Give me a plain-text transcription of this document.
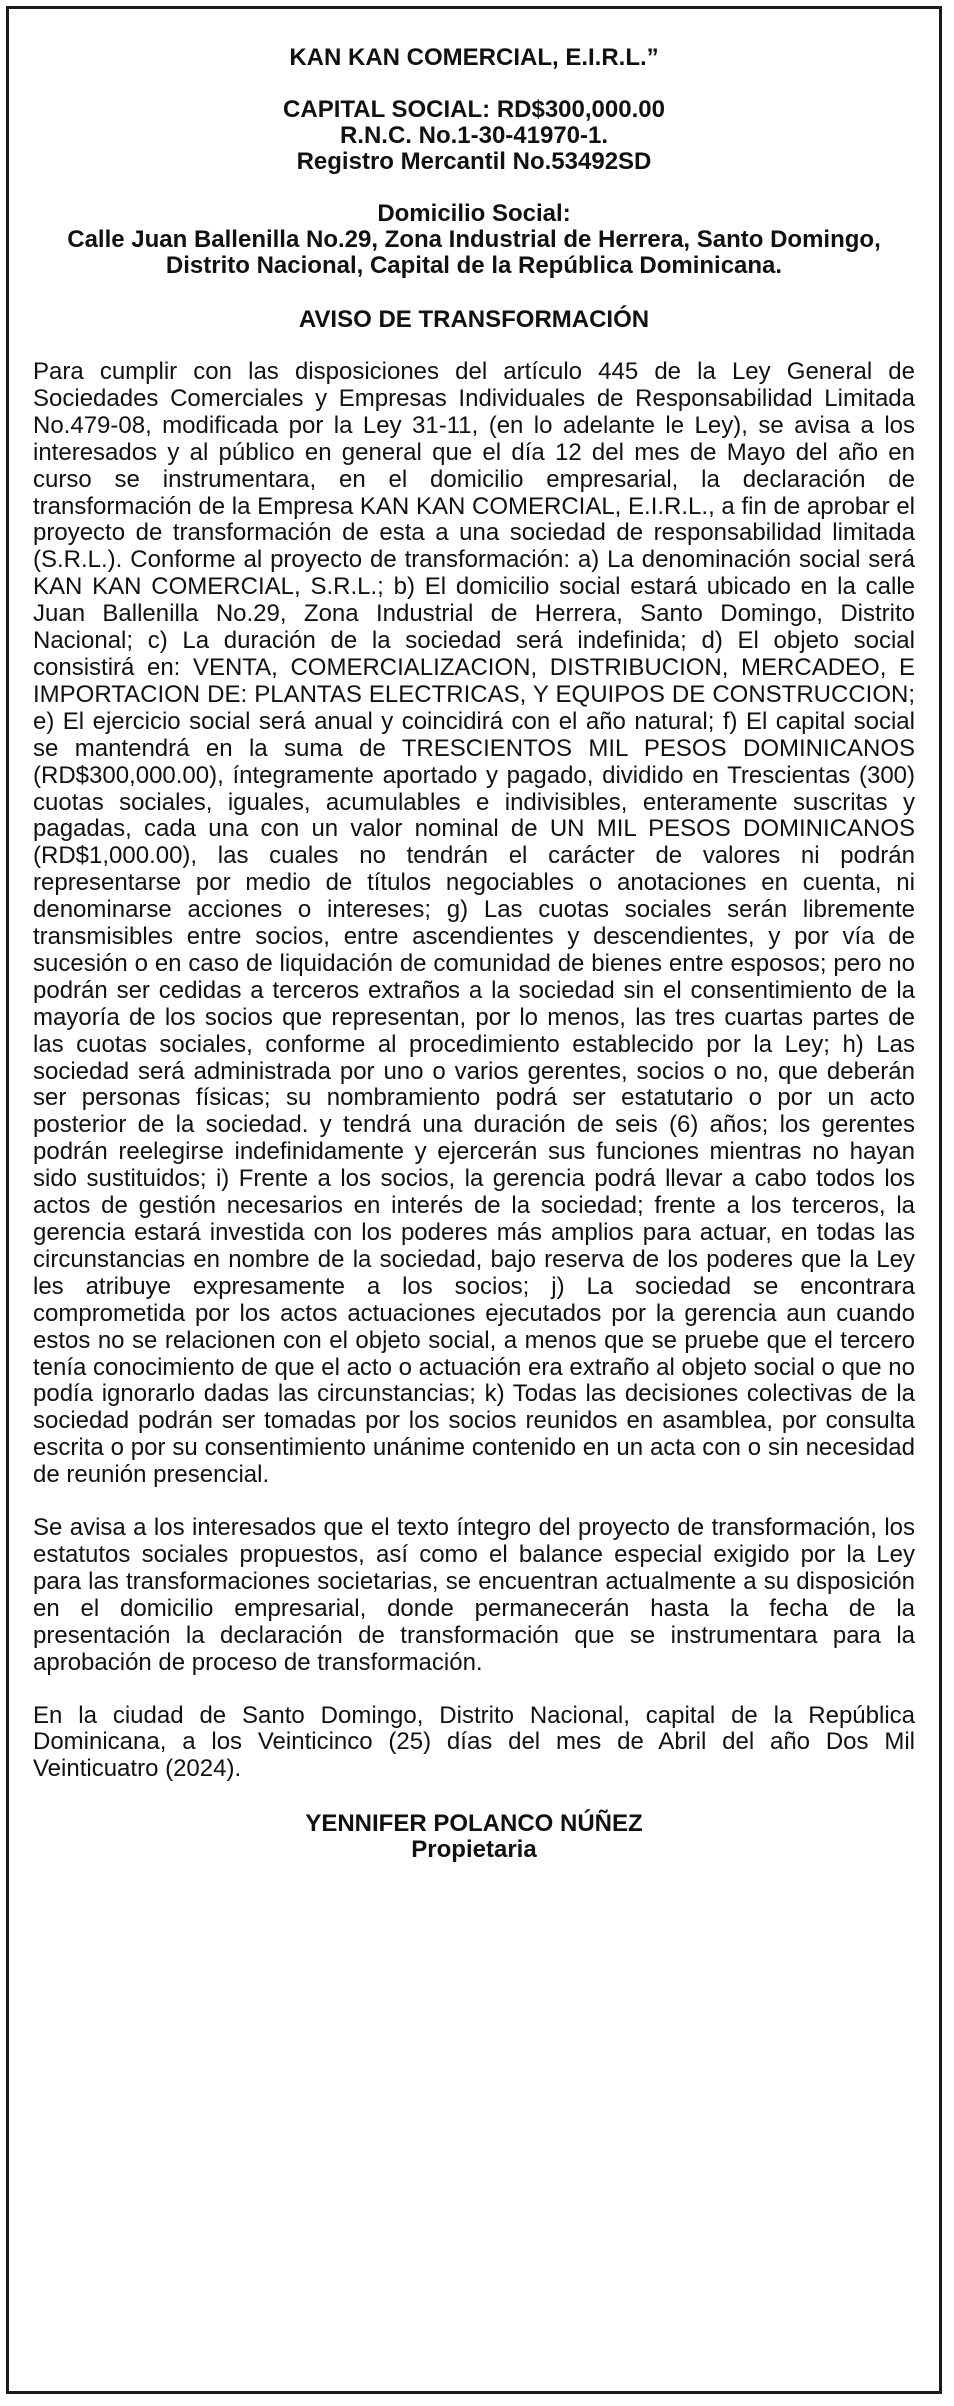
KAN KAN COMERCIAL, E.I.R.L.”

CAPITAL SOCIAL: RD$300,000.00

R.N.C. No.1-30-41970-1.

Registro Mercantil No.53492SD

Domicilio Social:

Calle Juan Ballenilla No.29, Zona Industrial de Herrera, Santo Domingo, Distrito Nacional, Capital de la República Dominicana.

AVISO DE TRANSFORMACIÓN

Para cumplir con las disposiciones del artículo 445 de la Ley General de Sociedades Comerciales y Empresas Individuales de Responsabilidad Limitada No.479-08, modificada por la Ley 31-11, (en lo adelante le Ley), se avisa a los interesados y al público en general que el día 12 del mes de Mayo del año en curso se instrumentara, en el domicilio empresarial, la declaración de transformación de la Empresa KAN KAN COMERCIAL, E.I.R.L., a fin de aprobar el proyecto de transformación de esta a una sociedad de responsabilidad limitada (S.R.L.). Conforme al proyecto de transformación: a) La denominación social será KAN KAN COMERCIAL, S.R.L.; b) El domicilio social estará ubicado en la calle Juan Ballenilla No.29, Zona Industrial de Herrera, Santo Domingo, Distrito Nacional; c) La duración de la sociedad será indefinida; d) El objeto social consistirá en: VENTA, COMERCIALIZACION, DISTRIBUCION, MERCADEO, E IMPORTACION DE: PLANTAS ELECTRICAS, Y EQUIPOS DE CONSTRUCCION; e) El ejercicio social será anual y coincidirá con el año natural; f) El capital social se mantendrá en la suma de TRESCIENTOS MIL PESOS DOMINICANOS (RD$300,000.00), íntegramente aportado y pagado, dividido en Trescientas (300) cuotas sociales, iguales, acumulables e indivisibles, enteramente suscritas y pagadas, cada una con un valor nominal de UN MIL PESOS DOMINICANOS (RD$1,000.00), las cuales no tendrán el carácter de valores ni podrán representarse por medio de títulos negociables o anotaciones en cuenta, ni denominarse acciones o intereses; g) Las cuotas sociales serán libremente transmisibles entre socios, entre ascendientes y descendientes, y por vía de sucesión o en caso de liquidación de comunidad de bienes entre esposos; pero no podrán ser cedidas a terceros extraños a la sociedad sin el consentimiento de la mayoría de los socios que representan, por lo menos, las tres cuartas partes de las cuotas sociales, conforme al procedimiento establecido por la Ley; h) Las sociedad será administrada por uno o varios gerentes, socios o no, que deberán ser personas físicas; su nombramiento podrá ser estatutario o por un acto posterior de la sociedad. y tendrá una duración de seis (6) años; los gerentes podrán reelegirse indefinidamente y ejercerán sus funciones mientras no hayan sido sustituidos; i) Frente a los socios, la gerencia podrá llevar a cabo todos los actos de gestión necesarios en interés de la sociedad; frente a los terceros, la gerencia estará investida con los poderes más amplios para actuar, en todas las circunstancias en nombre de la sociedad, bajo reserva de los poderes que la Ley les atribuye expresamente a los socios; j) La sociedad se encontrara comprometida por los actos actuaciones ejecutados por la gerencia aun cuando estos no se relacionen con el objeto social, a menos que se pruebe que el tercero tenía conocimiento de que el acto o actuación era extraño al objeto social o que no podía ignorarlo dadas las circunstancias; k) Todas las decisiones colectivas de la sociedad podrán ser tomadas por los socios reunidos en asamblea, por consulta escrita o por su consentimiento unánime contenido en un acta con o sin necesidad de reunión presencial.

Se avisa a los interesados que el texto íntegro del proyecto de transformación, los estatutos sociales propuestos, así como el balance especial exigido por la Ley para las transformaciones societarias, se encuentran actualmente a su disposición en el domicilio empresarial, donde permanecerán hasta la fecha de la presentación la declaración de transformación que se instrumentara para la aprobación de proceso de transformación.

En la ciudad de Santo Domingo, Distrito Nacional, capital de la República Dominicana, a los Veinticinco (25) días del mes de Abril del año Dos Mil Veinticuatro (2024).

YENNIFER POLANCO NÚÑEZ

Propietaria
